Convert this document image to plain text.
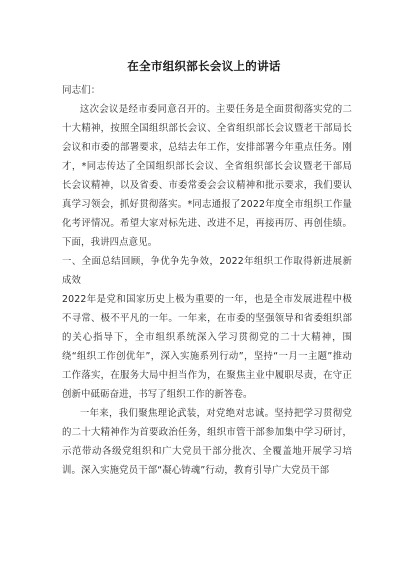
在全市组织部长会议上的讲话
同志们：

这次会议是经市委同意召开的。主要任务是全面贯彻落实党的二十大精神，按照全国组织部长会议、全省组织部长会议暨老干部局长会议和市委的部署要求，总结去年工作，安排部署今年重点任务。刚才，*同志传达了全国组织部长会议、全省组织部长会议暨老干部局长会议精神，以及省委、市委常委会会议精神和批示要求，我们要认真学习领会，抓好贯彻落实。*同志通报了2022年度全市组织工作量化考评情况。希望大家对标先进、改进不足，再接再厉、再创佳绩。下面，我讲四点意见。

一、全面总结回顾，争优争先争效，2022年组织工作取得新进展新成效

2022年是党和国家历史上极为重要的一年，也是全市发展进程中极不寻常、极不平凡的一年。一年来，在市委的坚强领导和省委组织部的关心指导下，全市组织系统深入学习贯彻党的二十大精神，围绕“组织工作创优年”，深入实施系列行动”，坚持“一月一主题”推动工作落实，在服务大局中担当作为，在聚焦主业中履职尽责，在守正创新中砥砺奋进，书写了组织工作的新答卷。

一年来，我们聚焦理论武装，对党绝对忠诚。坚持把学习贯彻党的二十大精神作为首要政治任务，组织市管干部参加集中学习研讨，示范带动各级党组织和广大党员干部分批次、全覆盖地开展学习培训。深入实施党员干部“凝心铸魂”行动，教育引导广大党员干部
